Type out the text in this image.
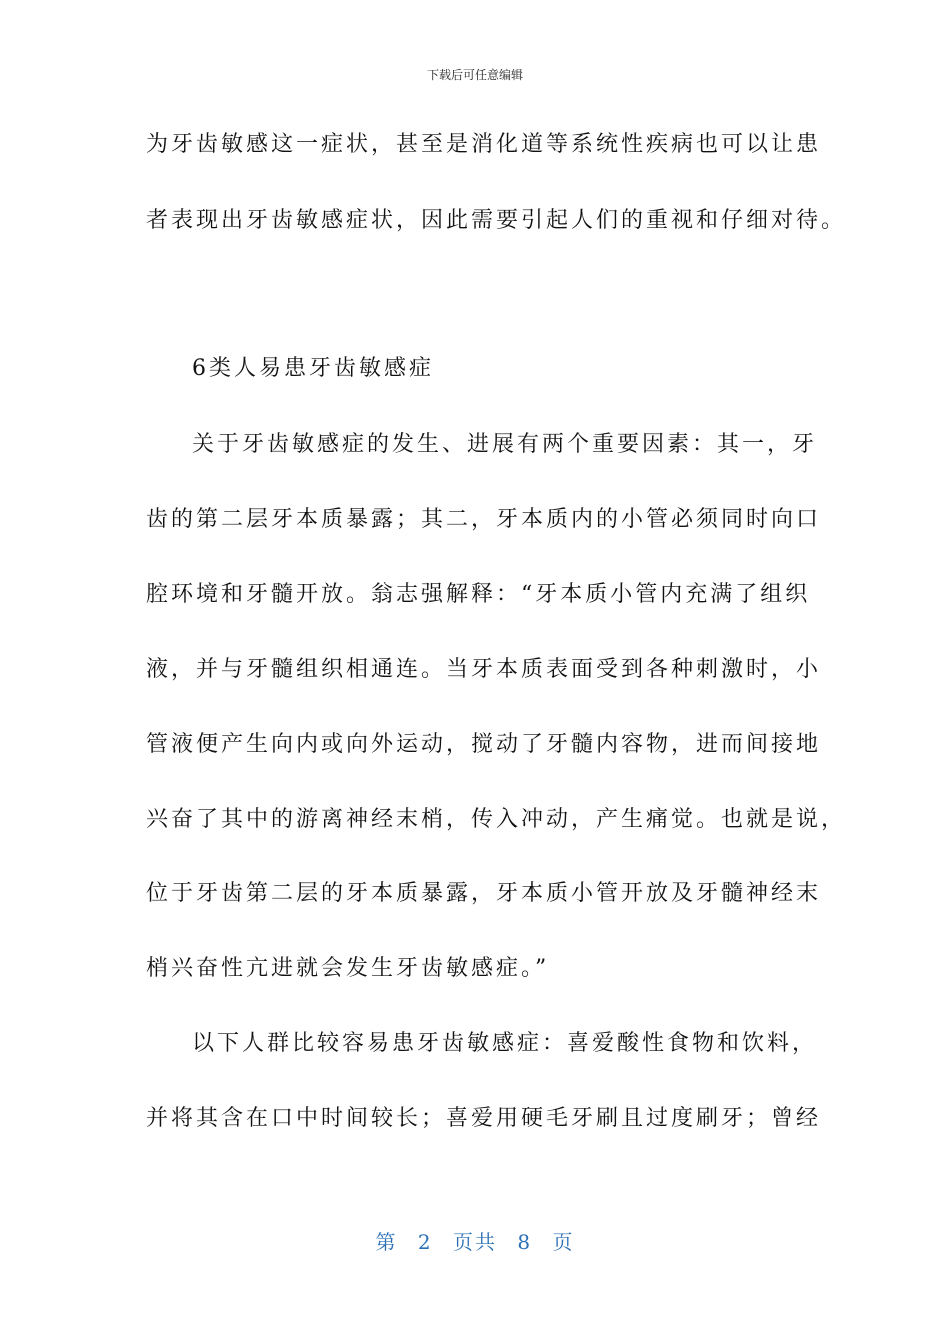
下载后可任意编辑
为牙齿敏感这一症状，甚至是消化道等系统性疾病也可以让患
者表现出牙齿敏感症状，因此需要引起人们的重视和仔细对待。
6类人易患牙齿敏感症
关于牙齿敏感症的发生、进展有两个重要因素：其一，牙
齿的第二层牙本质暴露；其二，牙本质内的小管必须同时向口
腔环境和牙髓开放。翁志强解释：“牙本质小管内充满了组织
液，并与牙髓组织相通连。当牙本质表面受到各种刺激时，小
管液便产生向内或向外运动，搅动了牙髓内容物，进而间接地
兴奋了其中的游离神经末梢，传入冲动，产生痛觉。也就是说，
位于牙齿第二层的牙本质暴露，牙本质小管开放及牙髓神经末
梢兴奋性亢进就会发生牙齿敏感症。”
以下人群比较容易患牙齿敏感症：喜爱酸性食物和饮料，
并将其含在口中时间较长；喜爱用硬毛牙刷且过度刷牙；曾经
第 2 页共 8 页
